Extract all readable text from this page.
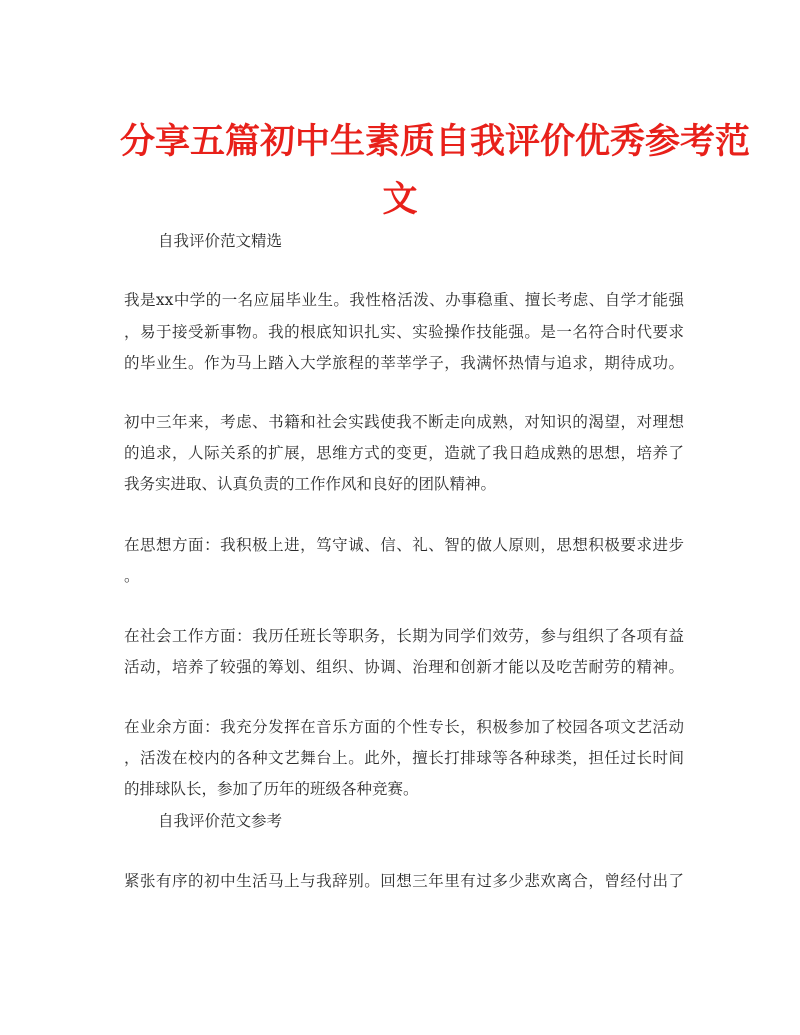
分享五篇初中生素质自我评价优秀参考范
文
自我评价范文精选
我是xx中学的一名应届毕业生。我性格活泼、办事稳重、擅长考虑、自学才能强
，易于接受新事物。我的根底知识扎实、实验操作技能强。是一名符合时代要求
的毕业生。作为马上踏入大学旅程的莘莘学子，我满怀热情与追求，期待成功。
初中三年来，考虑、书籍和社会实践使我不断走向成熟，对知识的渴望，对理想
的追求，人际关系的扩展，思维方式的变更，造就了我日趋成熟的思想，培养了
我务实进取、认真负责的工作作风和良好的团队精神。
在思想方面：我积极上进，笃守诚、信、礼、智的做人原则，思想积极要求进步
。
在社会工作方面：我历任班长等职务，长期为同学们效劳，参与组织了各项有益
活动，培养了较强的筹划、组织、协调、治理和创新才能以及吃苦耐劳的精神。
在业余方面：我充分发挥在音乐方面的个性专长，积极参加了校园各项文艺活动
，活泼在校内的各种文艺舞台上。此外，擅长打排球等各种球类，担任过长时间
的排球队长，参加了历年的班级各种竞赛。
自我评价范文参考
紧张有序的初中生活马上与我辞别。回想三年里有过多少悲欢离合，曾经付出了
